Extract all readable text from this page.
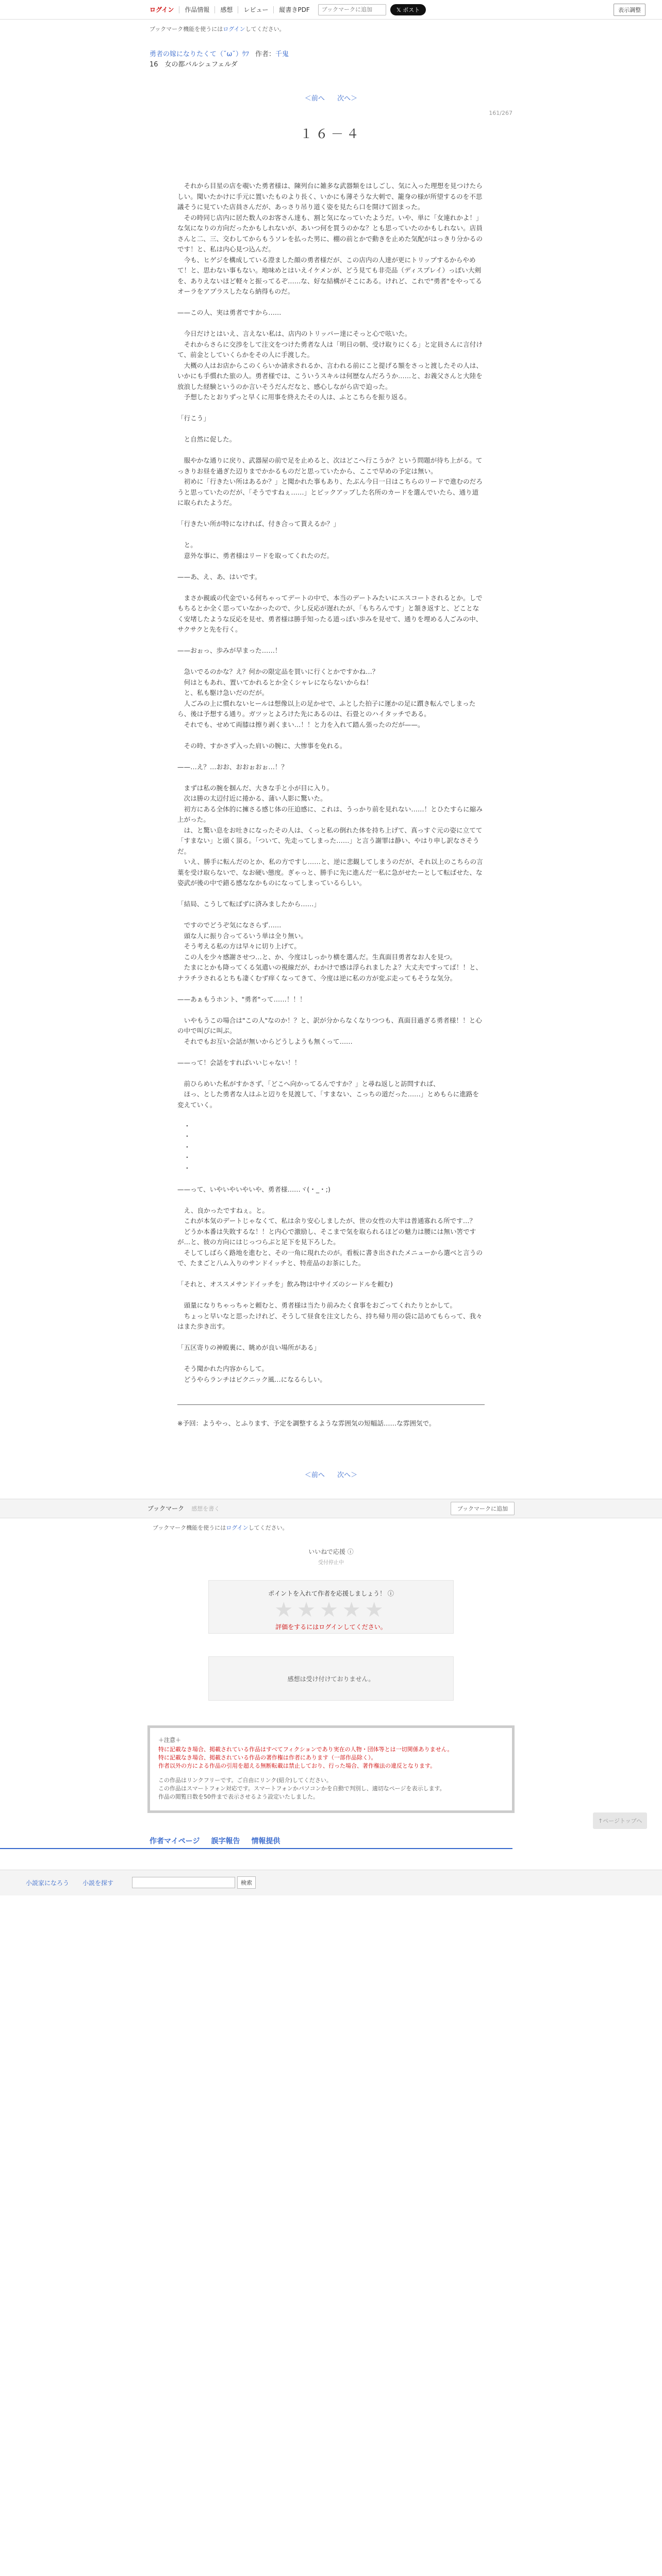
ログイン	作品情報	感想	レビュー	縦書きPDF
ブックマークに追加	𝕏 ポスト	表示調整
ブックマーク機能を使うにはログインしてください。
勇者の嫁になりたくて（˘ω˘）ｳﾌ 作者：千鬼
16　女の都バルシュフェルダ
＜前へ 次へ＞
161/267
１６－４

　それから目星の店を覗いた勇者様は、陳列台に雑多な武器類をはしごし、気に入った理想を見つけたらしい。聞いたかけに手元に置いたものより長く、いかにも薄そうな大刺で、籠身の様が所望するのを不思議そうに見ていた店員さんだが、あっさり吊り道く姿を見たら口を開けて固まった。

　その時同じ店内に居た数人のお客さん達も、割と気になっていたようだ。いや、単に「女連れかよ！」な気になりの方向だったかもしれないが、あいつ何を買うのかな？とも思っていたのかもしれない。店員さんと二、三、交わしてからもうソレを払った男に、棚の前とかで動きを止めた気配がはっきり分かるのです！と、私は内心見つ込んだ。

　今も、ヒゲジを構成している澄ました顔の勇者様だが、この店内の人達が更にトリップするからやめて！と、思わない事もない。地味めとはいえイケメンが、どう見ても非売品（ディスプレイ）っぽい大剣を、ありえないほど軽々と振ってるぞ……な、好な結構がそこにある。けれど、これで"勇者"をやってるオーラをアプラスしたなら納得ものだ。

——この人、実は勇者ですから……

　今日だけとはいえ、言えない私は、店内のトリッパー達にそっと心で呟いた。

　それからさらに交渉をして注文をつけた勇者な人は「明日の朝、受け取りにくる」と定員さんに言付けて、前金としていくらかをその人に手渡した。

　大概の人はお店からこのくらいか請求されるか、言われる前にこと提げる額をさっと渡したその人は、いかにも手慣れた旅の人。勇者様では、こういうスキルは何歴なんだろうか……と、お義父さんと大陸を放浪した経験というのか言いそうだんだなと、感心しながら店で迫った。

　予想したとおりずっと早くに用事を終えたその人は、ふとこちらを振り返る。

「行こう」

　と自然に促した。

　服やかな通りに戻り、武器屋の前で足を止めると、次はどこへ行こうか？という問題が待ち上がる。てっきりお昼を過ぎた辺りまでかかるものだと思っていたから、ここで早めの予定は無い。

　初めに「行きたい所はあるか？」と聞かれた事もあり、たぶん今日一日はこちらのリードで進むのだろうと思っていたのだが、「そうですねぇ……」とピックアップした名所のカードを選んでいたら、通り道に取られたようだ。

「行きたい所が特になければ、付き合って貰えるか？」

　と。

　意外な事に、勇者様はリードを取ってくれたのだ。

——あ、え、あ、はいです。

　まさか親戚の代金でいる何ちゃってデートの中で、本当のデートみたいにエスコートされるとか。しでもちるとか全く思っていなかったので、少し反応が遅れたが、「もちろんです」と頷き返すと、どことなく安堵したような反応を見せ、勇者様は勝手知ったる道っぽい歩みを見せて、通りを埋める人ごみの中、サクサクと先を行く。

——おぉっ、歩みが早まった……！

　急いでるのかな？え？何かの限定品を買いに行くとかですかね…？

　何はともあれ、置いてかれるとか全くシャレにならないからね！

　と、私も駆け急いだのだが。

　人ごみの上に慣れないヒールは想像以上の足かせで、ふとした拍子に運かの足に躓き転んでしまったら、後は予想する通り。ガツッとよろけた先にあるのは、石畳とのハイタッチである。

　それでも、せめて両膝は擦り剥くまい…！！と力を入れて踏ん張ったのだが——。

　その時、すかさず入った肩いの腕に、大惨事を免れる。

——…え？…おお、おおぉおぉ…！？

　まずは私の腕を掴んだ、大きな手と小が目に入り。

　次は勝の太辺付近に捲かる、蒲い人影に驚いた。

　初方にある全体的に擁さる感じ体の圧迫感に、これは、うっかり前を見れない……！とひたすらに縮み上がった。

　は、と驚い息をお吐きになったその人は、くっと私の倒れた体を持ち上げて、真っすぐ元の姿に立てて「すまない」と頭く頂る。「ついて、先走ってしまった……」と言う謝罪は静い、やはり申し訳なさそうだ。

　いえ、勝手に転んだのとか、私の方ですし……と、逆に悲観してしまうのだが、それ以上のこちらの言葉を受け取らないで、なお硬い態度。ぎゃっと、勝手に先に進んだ一私に急がせたーとして転ばせた、な姿武が後の中で錯る感ななかものになってしまっているらしい。

「結局、こうして転ばずに済みましたから……」

　ですのでどうぞ気になさらず……

　頭な人に振り合ってるいう単は全り無い。

　そう考える私の方は早々に切り上げて。

　この人を少々感謝させつ…と、か、今度はしっかり横を選んだ。生真面目勇者なお人を見つ。

　たまにとかも降ってくる気遣いの視線だが、わかけで感は浮られましたよ？大丈夫ですってば！！と、ナラチラされるとちも凄くむず痒くなってきて、今度は逆に私の方が変ぶ走ってもそうな気分。

——あぁもうホント、"勇者"って……！！！

　いやもうこの場合は"この人"なのか！？と、訳が分からなくなりつつも、真面目過ぎる勇者様！！と心の中で叫びに叫ぶ。

　それでもお互い会話が無いからどうしようも無くって……

——って！会話をすればいいじゃない！！

　前ひらめいた私がすかさず、「どこへ向かってるんですか？」と尋ね返しと訪問すれば、

　ほっ、とした勇者な人はふと辺りを見渡して、「すまない、こっちの道だった……」とめもらに進路を変えていく。

　・

　・

　・

　・

　・

——って、いやいやいやいや、勇者様……ヾ(・_・;)

　え、良かったですねぇ。と。

　これが本気のデートじゃなくて、私は余り安心しましたが、世の女性の大半は普通寡れる所です…？

　どうか本番は失敗するな！！と内心で激励し、そこまで気を取られるほどの魅力は腰には無い筈ですが…と、彼の方向にはじっつらぶと足下を見下ろした。

　そしてしばらく路地を進むと、その一角に現れたのが。看板に書き出されたメニューから選べと言うので、たまごと八ム入りのサンドイッチと、特産品のお茶にした。

「それと、オススメサンドイッチを」飲み物は中サイズのシードルを頼む)

　頭量になりちゃっちゃと頼むと、勇者様は当たり前みたく食事をおごってくれたりとかして。

　ちょっと早いなと思ったけれど、そうして昼食を注文したら、持ち帰り用の袋に詰めてもらって、我々はまた歩き出す。

「五区寄りの神殿裏に、眺めが良い場所がある」

　そう聞かれた内容からして。

　どうやらランチはピクニック風…になるらしい。

※予回：ようやっ、とふります、予定を調整するような雰囲気の短幅話……な雰囲気で。
＜前へ 次へ＞
↑ページトップへ
ブックマーク 感想を書く	ブックマークに追加
ブックマーク機能を使うにはログインしてください。
いいねで応援 ⓘ
受付停止中
ポイントを入れて作者を応援しましょう！ ⓘ
★★★★★
評価をするにはログインしてください。
感想は受け付けておりません。
＋注意＋
特に記載なき場合、掲載されている作品はすべてフィクションであり実在の人物・団体等とは一切関係ありません。
特に記載なき場合、掲載されている作品の著作権は作者にあります（一部作品除く）。
作者以外の方による作品の引用を超える無断転載は禁止しており、行った場合、著作権法の違反となります。
この作品はリンクフリーです。ご自由にリンク(紹介)してください。
この作品はスマートフォン対応です。スマートフォンかパソコンかを自動で判別し、適切なページを表示します。
作品の閲覧日数を50件まで表示させるよう設定いたしました。
作者マイページ 誤字報告 情報提供
小説家になろう 小説を探す	検索
